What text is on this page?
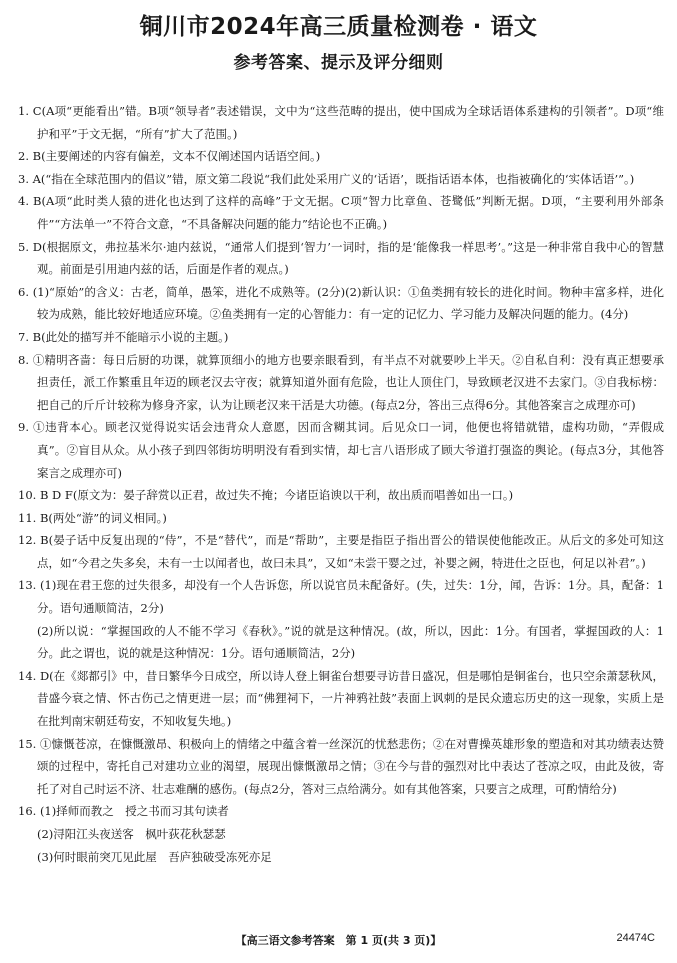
铜川市2024年高三质量检测卷 · 语文
参考答案、提示及评分细则

1. C(A项“更能看出”错。B项“领导者”表述错误，文中为“这些范畴的提出，使中国成为全球话语体系建构的引领者”。D项“维护和平”于文无据，“所有”扩大了范围。)

2. B(主要阐述的内容有偏差，文本不仅阐述国内话语空间。)

3. A(“指在全球范围内的倡议”错，原文第二段说“我们此处采用广义的‘话语’，既指话语本体，也指被确化的‘实体话语’”。)

4. B(A项“此时类人猿的进化也达到了这样的高峰”于文无据。C项“智力比章鱼、苍鹭低”判断无据。D项，“主要利用外部条件”“方法单一”不符合文意，“不具备解决问题的能力”结论也不正确。)

5. D(根据原文，弗拉基米尔·迪内兹说，“通常人们提到‘智力’一词时，指的是‘能像我一样思考’。”这是一种非常自我中心的智慧观。前面是引用迪内兹的话，后面是作者的观点。)

6. (1)“原始”的含义：古老，简单，愚笨，进化不成熟等。(2分)(2)新认识：①鱼类拥有较长的进化时间。物种丰富多样，进化较为成熟，能比较好地适应环境。②鱼类拥有一定的心智能力：有一定的记忆力、学习能力及解决问题的能力。(4分)

7. B(此处的描写并不能暗示小说的主题。)

8. ①精明吝啬：每日后厨的功课，就算顶细小的地方也要亲眼看到，有半点不对就要吵上半天。②自私自利：没有真正想要承担责任，派工作繁重且年迈的顾老汉去守夜；就算知道外面有危险，也让人顶住门，导致顾老汉进不去家门。③自我标榜：把自己的斤斤计较称为修身齐家，认为让顾老汉来干活是大功德。(每点2分，答出三点得6分。其他答案言之成理亦可)

9. ①违背本心。顾老汉觉得说实话会违背众人意愿，因而含糊其词。后见众口一词，他便也将错就错，虚构功勋，“弄假成真”。②盲目从众。从小孩子到四邻街坊明明没有看到实情，却七言八语形成了顾大爷道打强盗的舆论。(每点3分，其他答案言之成理亦可)

10. B D F(原文为：晏子辞赏以正君，故过失不掩；今诸臣谄谀以干利，故出质而唱善如出一口。)

11. B(两处“游”的词义相同。)

12. B(晏子话中反复出现的“侍”，不是“替代”，而是“帮助”，主要是指臣子指出晋公的错误使他能改正。从后文的多处可知这点，如“今君之失多矣，未有一士以闻者也，故曰未具”，又如“未尝干婴之过，补婴之阙，特进仕之臣也，何足以补君”。)

13. (1)现在君王您的过失很多，却没有一个人告诉您，所以说官员未配备好。(失，过失：1分，闻，告诉：1分。具，配备：1分。语句通顺简洁，2分)

(2)所以说：“掌握国政的人不能不学习《春秋》。”说的就是这种情况。(故，所以，因此：1分。有国者，掌握国政的人：1分。此之谓也，说的就是这种情况：1分。语句通顺简洁，2分)

14. D(在《郯都引》中，昔日繁华今日成空，所以诗人登上铜雀台想要寻访昔日盛况，但是哪怕是铜雀台，也只空余萧瑟秋风，昔盛今衰之情、怀古伤己之情更进一层；而“佛狸祠下，一片神鸦社鼓”表面上讽刺的是民众遗忘历史的这一现象，实质上是在批判南宋朝廷苟安，不知收复失地。)

15. ①慷慨苍凉，在慷慨激昂、积极向上的情绪之中蕴含着一丝深沉的忧愁悲伤；②在对曹操英雄形象的塑造和对其功绩表达赞颂的过程中，寄托自己对建功立业的渴望，展现出慷慨激昂之情；③在今与昔的强烈对比中表达了苍凉之叹，由此及彼，寄托了对自己时运不济、壮志难酬的感伤。(每点2分，答对三点给满分。如有其他答案，只要言之成理，可酌情给分)

16. (1)择师而教之　授之书而习其句读者

(2)浔阳江头夜送客　枫叶荻花秋瑟瑟

(3)何时眼前突兀见此屋　吾庐独破受冻死亦足

【高三语文参考答案　第 1 页(共 3 页)】	24474C
